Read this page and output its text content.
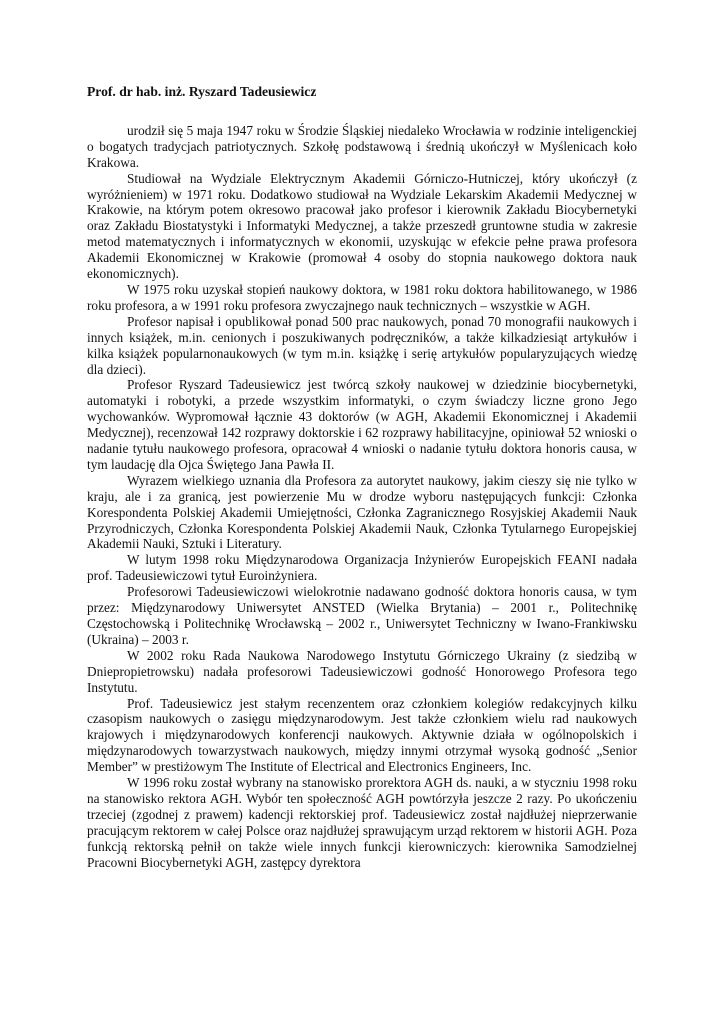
Prof. dr hab. inż. Ryszard Tadeusiewicz

urodził się 5 maja 1947 roku w Środzie Śląskiej niedaleko Wrocławia w rodzinie inteligenckiej o bogatych tradycjach patriotycznych. Szkołę podstawową i średnią ukończył w Myślenicach koło Krakowa.

Studiował na Wydziale Elektrycznym Akademii Górniczo-Hutniczej, który ukończył (z wyróżnieniem) w 1971 roku. Dodatkowo studiował na Wydziale Lekarskim Akademii Medycznej w Krakowie, na którym potem okresowo pracował jako profesor i kierownik Zakładu Biocybernetyki oraz Zakładu Biostatystyki i Informatyki Medycznej, a także przeszedł gruntowne studia w zakresie metod matematycznych i informatycznych w ekonomii, uzyskując w efekcie pełne prawa profesora Akademii Ekonomicznej w Krakowie (promował 4 osoby do stopnia naukowego doktora nauk ekonomicznych).

W 1975 roku uzyskał stopień naukowy doktora, w 1981 roku doktora habilitowanego, w 1986 roku profesora, a w 1991 roku profesora zwyczajnego nauk technicznych – wszystkie w AGH.

Profesor napisał i opublikował ponad 500 prac naukowych, ponad 70 monografii naukowych i innych książek, m.in. cenionych i poszukiwanych podręczników, a także kilkadziesiąt artykułów i kilka książek popularnonaukowych (w tym m.in. książkę i serię artykułów popularyzujących wiedzę dla dzieci).

Profesor Ryszard Tadeusiewicz jest twórcą szkoły naukowej w dziedzinie biocybernetyki, automatyki i robotyki, a przede wszystkim informatyki, o czym świadczy liczne grono Jego wychowanków. Wypromował łącznie 43 doktorów (w AGH, Akademii Ekonomicznej i Akademii Medycznej), recenzował 142 rozprawy doktorskie i 62 rozprawy habilitacyjne, opiniował 52 wnioski o nadanie tytułu naukowego profesora, opracował 4 wnioski o nadanie tytułu doktora honoris causa, w tym laudację dla Ojca Świętego Jana Pawła II.

Wyrazem wielkiego uznania dla Profesora za autorytet naukowy, jakim cieszy się nie tylko w kraju, ale i za granicą, jest powierzenie Mu w drodze wyboru następujących funkcji: Członka Korespondenta Polskiej Akademii Umiejętności, Członka Zagranicznego Rosyjskiej Akademii Nauk Przyrodniczych, Członka Korespondenta Polskiej Akademii Nauk, Członka Tytularnego Europejskiej Akademii Nauki, Sztuki i Literatury.

W lutym 1998 roku Międzynarodowa Organizacja Inżynierów Europejskich FEANI nadała prof. Tadeusiewiczowi tytuł Euroinżyniera.

Profesorowi Tadeusiewiczowi wielokrotnie nadawano godność doktora honoris causa, w tym przez: Międzynarodowy Uniwersytet ANSTED (Wielka Brytania) – 2001 r., Politechnikę Częstochowską i Politechnikę Wrocławską – 2002 r., Uniwersytet Techniczny w Iwano-Frankiwsku (Ukraina) – 2003 r.

W 2002 roku Rada Naukowa Narodowego Instytutu Górniczego Ukrainy (z siedzibą w Dniepropietrowsku) nadała profesorowi Tadeusiewiczowi godność Honorowego Profesora tego Instytutu.

Prof. Tadeusiewicz jest stałym recenzentem oraz członkiem kolegiów redakcyjnych kilku czasopism naukowych o zasięgu międzynarodowym. Jest także członkiem wielu rad naukowych krajowych i międzynarodowych konferencji naukowych. Aktywnie działa w ogólnopolskich i międzynarodowych towarzystwach naukowych, między innymi otrzymał wysoką godność „Senior Member” w prestiżowym The Institute of Electrical and Electronics Engineers, Inc.

W 1996 roku został wybrany na stanowisko prorektora AGH ds. nauki, a w styczniu 1998 roku na stanowisko rektora AGH. Wybór ten społeczność AGH powtórzyła jeszcze 2 razy. Po ukończeniu trzeciej (zgodnej z prawem) kadencji rektorskiej prof. Tadeusiewicz został najdłużej nieprzerwanie pracującym rektorem w całej Polsce oraz najdłużej sprawującym urząd rektorem w historii AGH. Poza funkcją rektorską pełnił on także wiele innych funkcji kierowniczych: kierownika Samodzielnej Pracowni Biocybernetyki AGH, zastępcy dyrektora
